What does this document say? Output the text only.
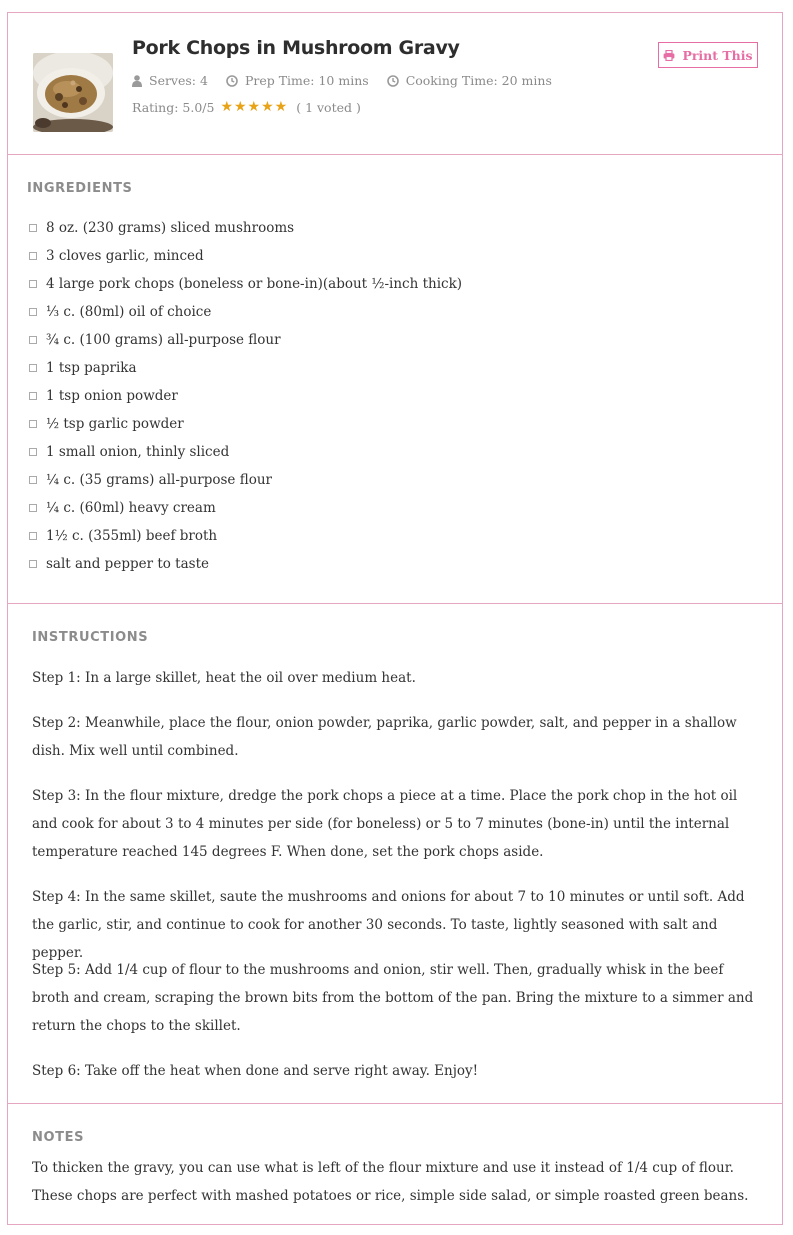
Pork Chops in Mushroom Gravy
Serves: 4	Prep Time: 10 mins	Cooking Time: 20 mins
Rating: 5.0/5 ★★★★★ ( 1 voted )
Print This
INGREDIENTS
8 oz. (230 grams) sliced mushrooms
3 cloves garlic, minced
4 large pork chops (boneless or bone-in)(about ½-inch thick)
⅓ c. (80ml) oil of choice
¾ c. (100 grams) all-purpose flour
1 tsp paprika
1 tsp onion powder
½ tsp garlic powder
1 small onion, thinly sliced
¼ c. (35 grams) all-purpose flour
¼ c. (60ml) heavy cream
1½ c. (355ml) beef broth
salt and pepper to taste
INSTRUCTIONS

Step 1: In a large skillet, heat the oil over medium heat.

Step 2: Meanwhile, place the flour, onion powder, paprika, garlic powder, salt, and pepper in a shallow dish. Mix well until combined.

Step 3: In the flour mixture, dredge the pork chops a piece at a time. Place the pork chop in the hot oil and cook for about 3 to 4 minutes per side (for boneless) or 5 to 7 minutes (bone-in) until the internal temperature reached 145 degrees F. When done, set the pork chops aside.

Step 4: In the same skillet, saute the mushrooms and onions for about 7 to 10 minutes or until soft. Add the garlic, stir, and continue to cook for another 30 seconds. To taste, lightly seasoned with salt and pepper.

Step 5: Add 1/4 cup of flour to the mushrooms and onion, stir well. Then, gradually whisk in the beef broth and cream, scraping the brown bits from the bottom of the pan. Bring the mixture to a simmer and return the chops to the skillet.

Step 6: Take off the heat when done and serve right away. Enjoy!

NOTES

To thicken the gravy, you can use what is left of the flour mixture and use it instead of 1/4 cup of flour. These chops are perfect with mashed potatoes or rice, simple side salad, or simple roasted green beans.
